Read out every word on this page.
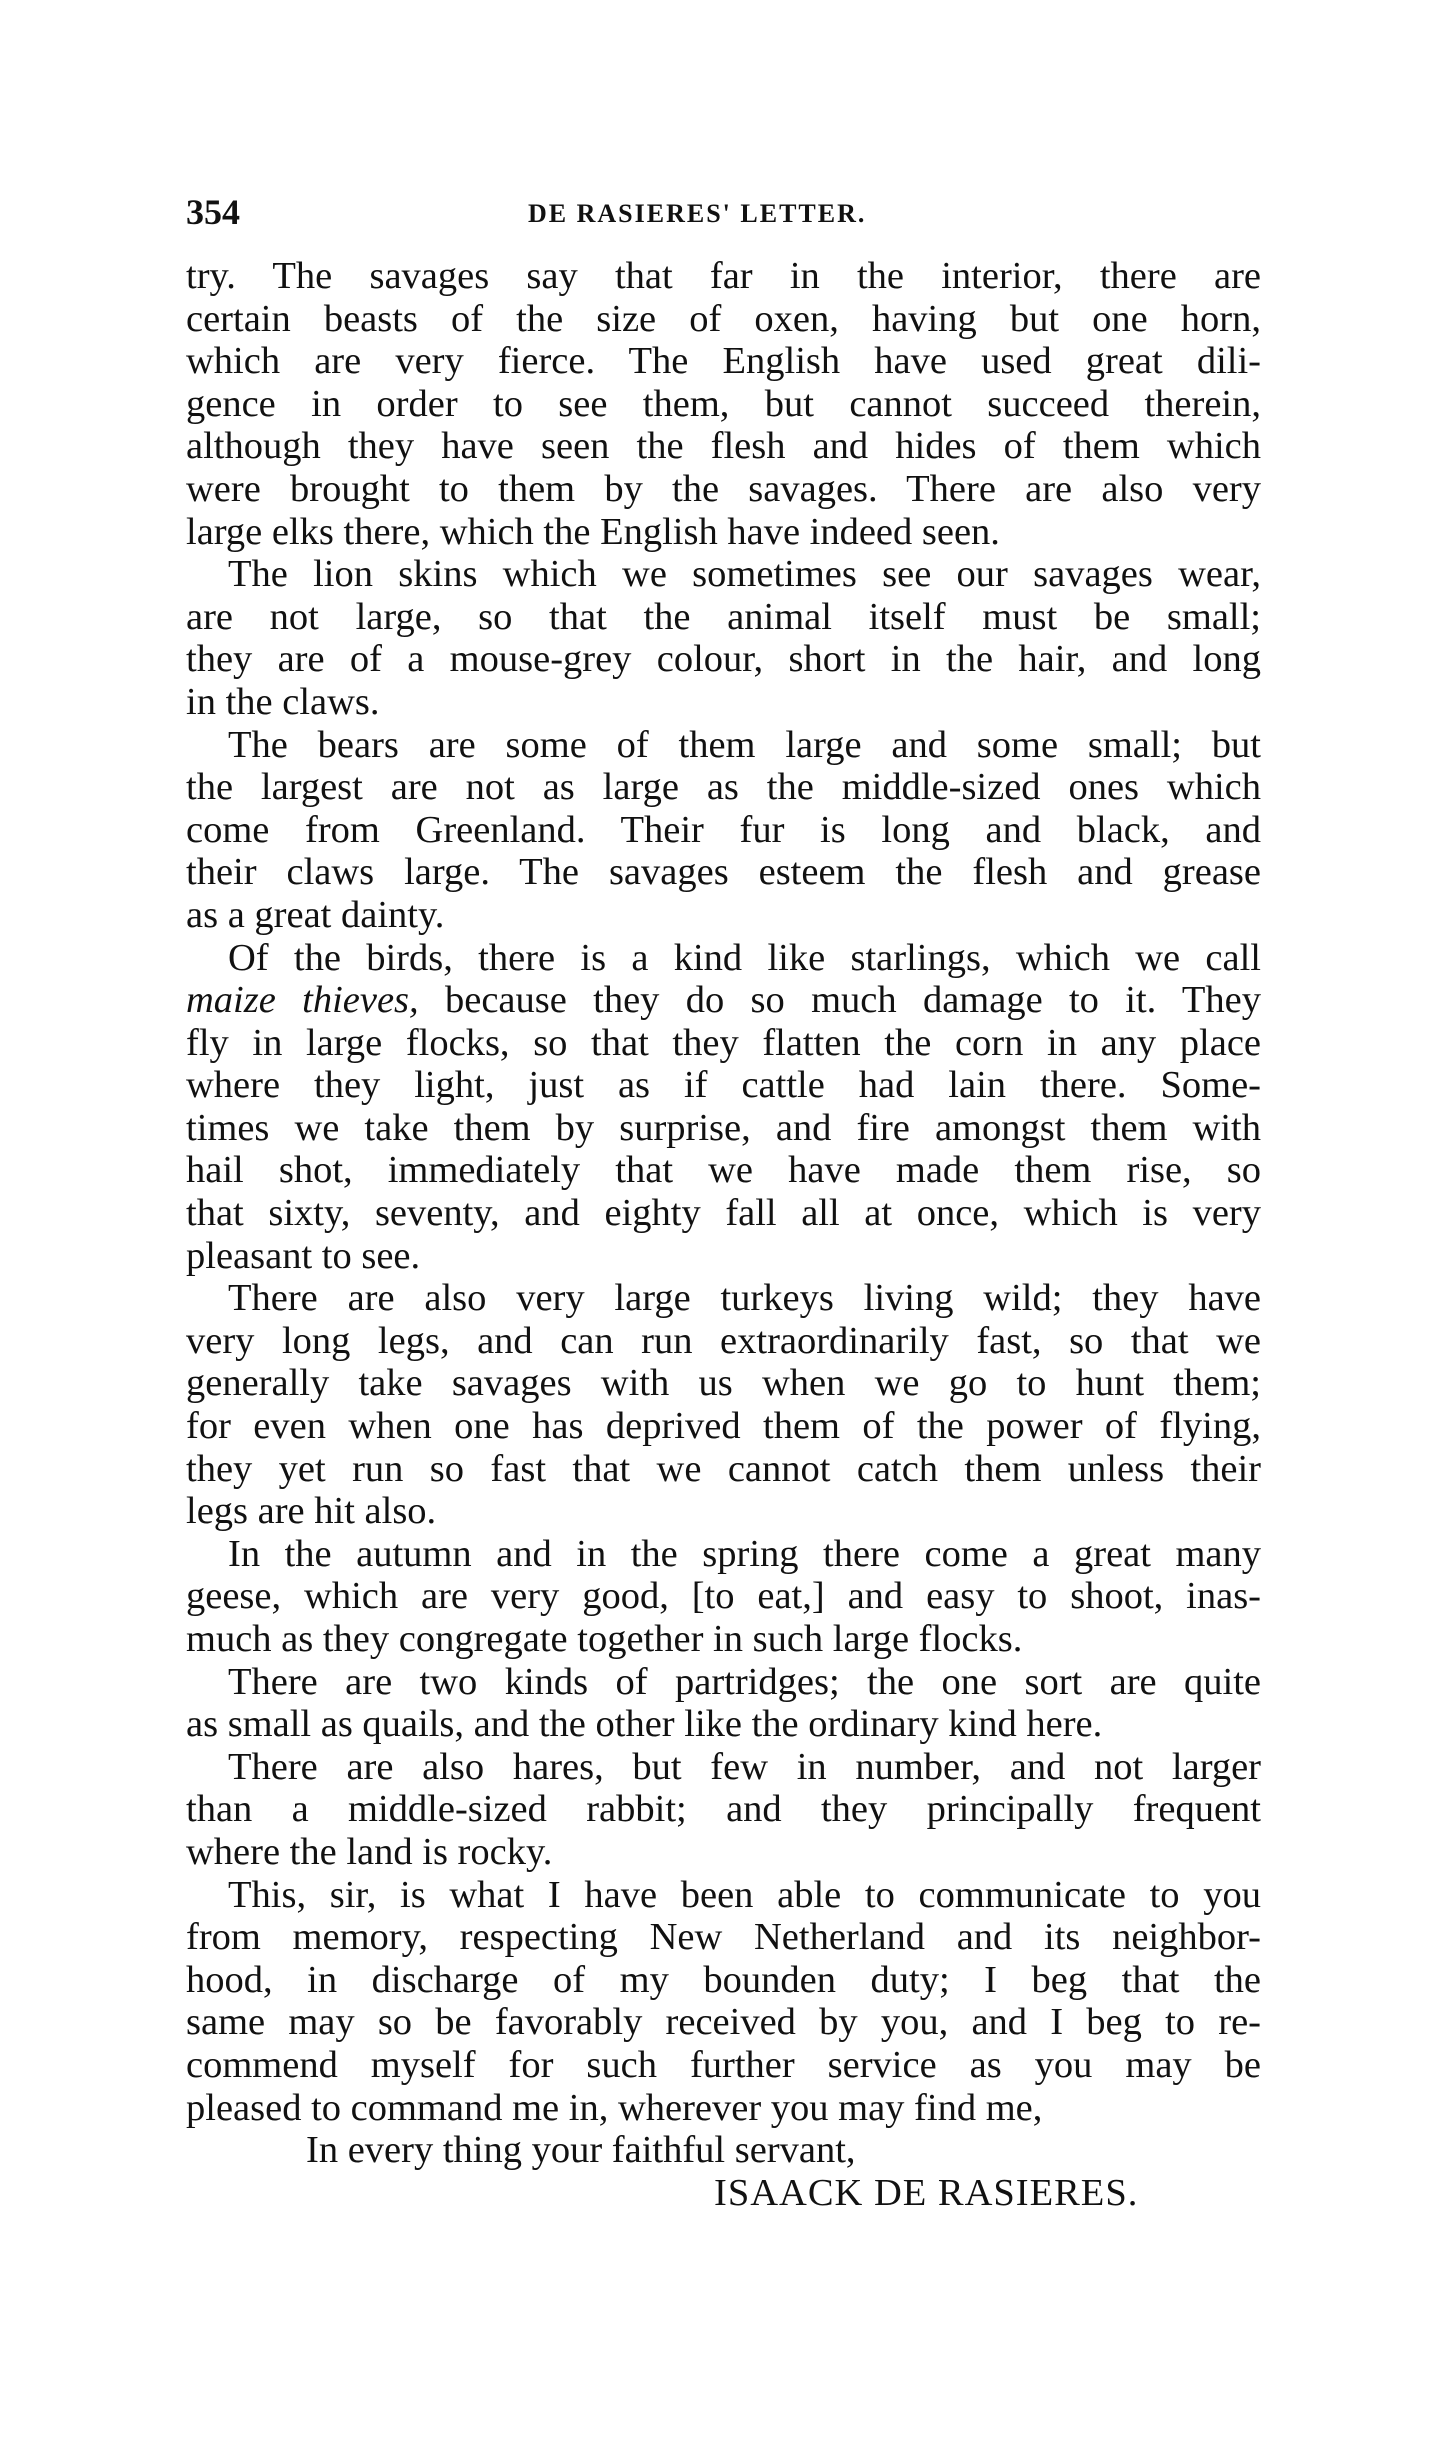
354	DE RASIERES' LETTER.

try. The savages say that far in the interior, there are
certain beasts of the size of oxen, having but one horn,
which are very fierce. The English have used great dili-
gence in order to see them, but cannot succeed therein,
although they have seen the flesh and hides of them which
were brought to them by the savages. There are also very
large elks there, which the English have indeed seen.

The lion skins which we sometimes see our savages wear,
are not large, so that the animal itself must be small;
they are of a mouse-grey colour, short in the hair, and long
in the claws.

The bears are some of them large and some small; but
the largest are not as large as the middle-sized ones which
come from Greenland. Their fur is long and black, and
their claws large. The savages esteem the flesh and grease
as a great dainty.

Of the birds, there is a kind like starlings, which we call
maize thieves, because they do so much damage to it. They
fly in large flocks, so that they flatten the corn in any place
where they light, just as if cattle had lain there. Some-
times we take them by surprise, and fire amongst them with
hail shot, immediately that we have made them rise, so
that sixty, seventy, and eighty fall all at once, which is very
pleasant to see.

There are also very large turkeys living wild; they have
very long legs, and can run extraordinarily fast, so that we
generally take savages with us when we go to hunt them;
for even when one has deprived them of the power of flying,
they yet run so fast that we cannot catch them unless their
legs are hit also.

In the autumn and in the spring there come a great many
geese, which are very good, [to eat,] and easy to shoot, inas-
much as they congregate together in such large flocks.

There are two kinds of partridges; the one sort are quite
as small as quails, and the other like the ordinary kind here.

There are also hares, but few in number, and not larger
than a middle-sized rabbit; and they principally frequent
where the land is rocky.

This, sir, is what I have been able to communicate to you
from memory, respecting New Netherland and its neighbor-
hood, in discharge of my bounden duty; I beg that the
same may so be favorably received by you, and I beg to re-
commend myself for such further service as you may be
pleased to command me in, wherever you may find me,

In every thing your faithful servant,

ISAACK DE RASIERES.
